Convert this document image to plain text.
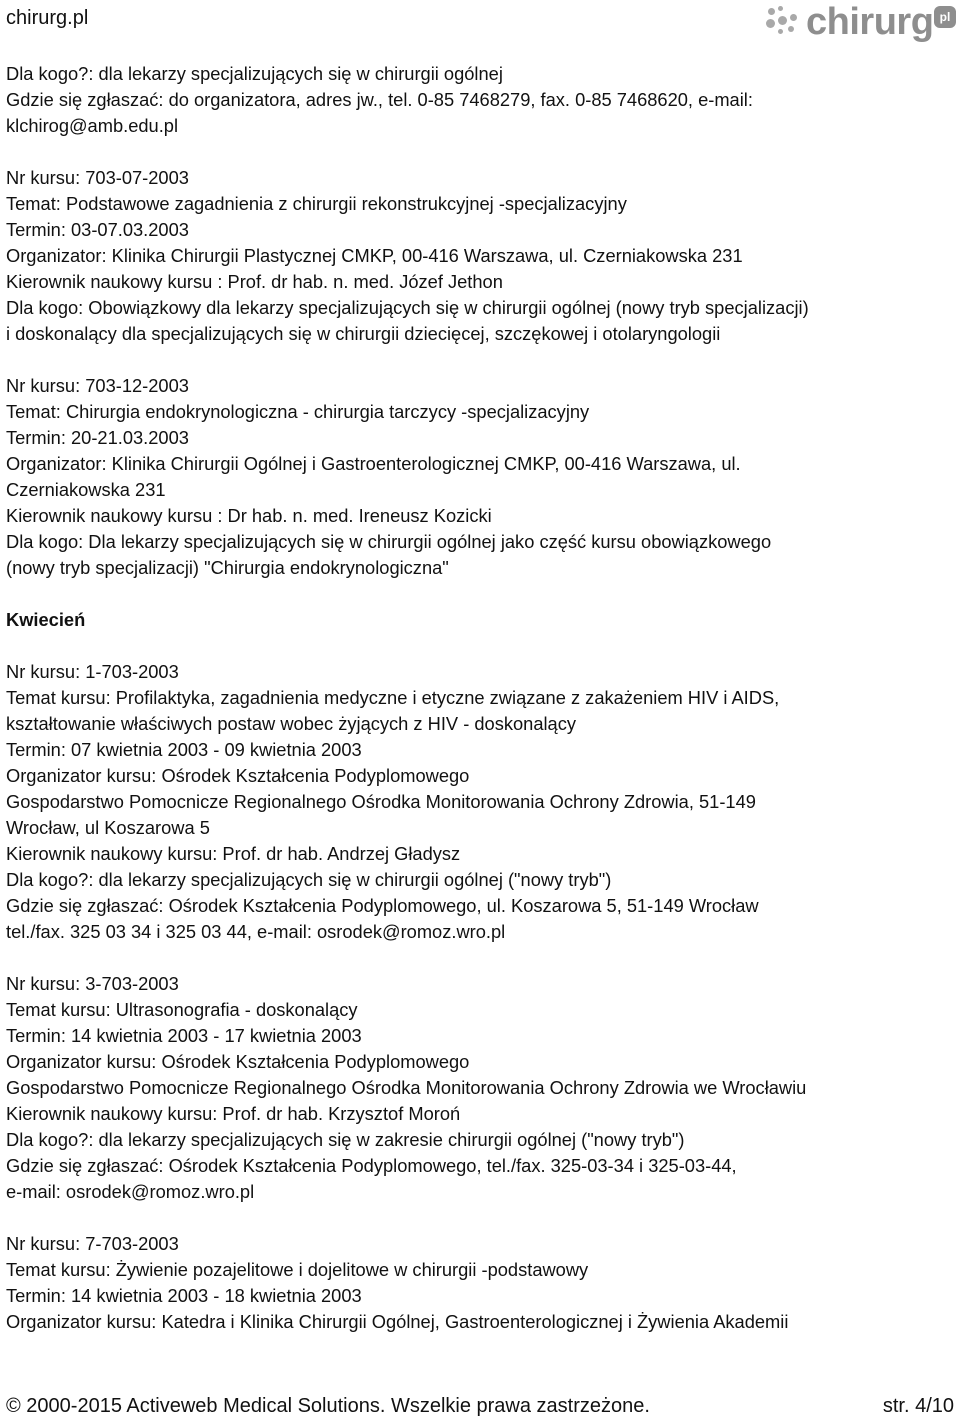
chirurg.pl	chirurg pl
Dla kogo?: dla lekarzy specjalizujących się w chirurgii ogólnej
Gdzie się zgłaszać: do organizatora, adres jw., tel. 0-85 7468279, fax. 0-85 7468620, e-mail:
klchirog@amb.edu.pl
Nr kursu: 703-07-2003
Temat: Podstawowe zagadnienia z chirurgii rekonstrukcyjnej -specjalizacyjny
Termin: 03-07.03.2003
Organizator: Klinika Chirurgii Plastycznej CMKP, 00-416 Warszawa, ul. Czerniakowska 231
Kierownik naukowy kursu : Prof. dr hab. n. med. Józef Jethon
Dla kogo: Obowiązkowy dla lekarzy specjalizujących się w chirurgii ogólnej (nowy tryb specjalizacji)
i doskonalący dla specjalizujących się w chirurgii dziecięcej, szczękowej i otolaryngologii
Nr kursu: 703-12-2003
Temat: Chirurgia endokrynologiczna - chirurgia tarczycy -specjalizacyjny
Termin: 20-21.03.2003
Organizator: Klinika Chirurgii Ogólnej i Gastroenterologicznej CMKP, 00-416 Warszawa, ul.
Czerniakowska 231
Kierownik naukowy kursu : Dr hab. n. med. Ireneusz Kozicki
Dla kogo: Dla lekarzy specjalizujących się w chirurgii ogólnej jako część kursu obowiązkowego
(nowy tryb specjalizacji) "Chirurgia endokrynologiczna"
Kwiecień
Nr kursu: 1-703-2003
Temat kursu: Profilaktyka, zagadnienia medyczne i etyczne związane z zakażeniem HIV i AIDS,
kształtowanie właściwych postaw wobec żyjących z HIV - doskonalący
Termin: 07 kwietnia 2003 - 09 kwietnia 2003
Organizator kursu: Ośrodek Kształcenia Podyplomowego
Gospodarstwo Pomocnicze Regionalnego Ośrodka Monitorowania Ochrony Zdrowia, 51-149
Wrocław, ul Koszarowa 5
Kierownik naukowy kursu: Prof. dr hab. Andrzej Gładysz
Dla kogo?: dla lekarzy specjalizujących się w chirurgii ogólnej ("nowy tryb")
Gdzie się zgłaszać: Ośrodek Kształcenia Podyplomowego, ul. Koszarowa 5, 51-149 Wrocław
tel./fax. 325 03 34 i 325 03 44, e-mail: osrodek@romoz.wro.pl
Nr kursu: 3-703-2003
Temat kursu: Ultrasonografia - doskonalący
Termin: 14 kwietnia 2003 - 17 kwietnia 2003
Organizator kursu: Ośrodek Kształcenia Podyplomowego
Gospodarstwo Pomocnicze Regionalnego Ośrodka Monitorowania Ochrony Zdrowia we Wrocławiu
Kierownik naukowy kursu: Prof. dr hab. Krzysztof Moroń
Dla kogo?: dla lekarzy specjalizujących się w zakresie chirurgii ogólnej ("nowy tryb")
Gdzie się zgłaszać: Ośrodek Kształcenia Podyplomowego, tel./fax. 325-03-34 i 325-03-44,
e-mail: osrodek@romoz.wro.pl
Nr kursu: 7-703-2003
Temat kursu: Żywienie pozajelitowe i dojelitowe w chirurgii -podstawowy
Termin: 14 kwietnia 2003 - 18 kwietnia 2003
Organizator kursu: Katedra i Klinika Chirurgii Ogólnej, Gastroenterologicznej i Żywienia Akademii
© 2000-2015 Activeweb Medical Solutions. Wszelkie prawa zastrzeżone.	str. 4/10
